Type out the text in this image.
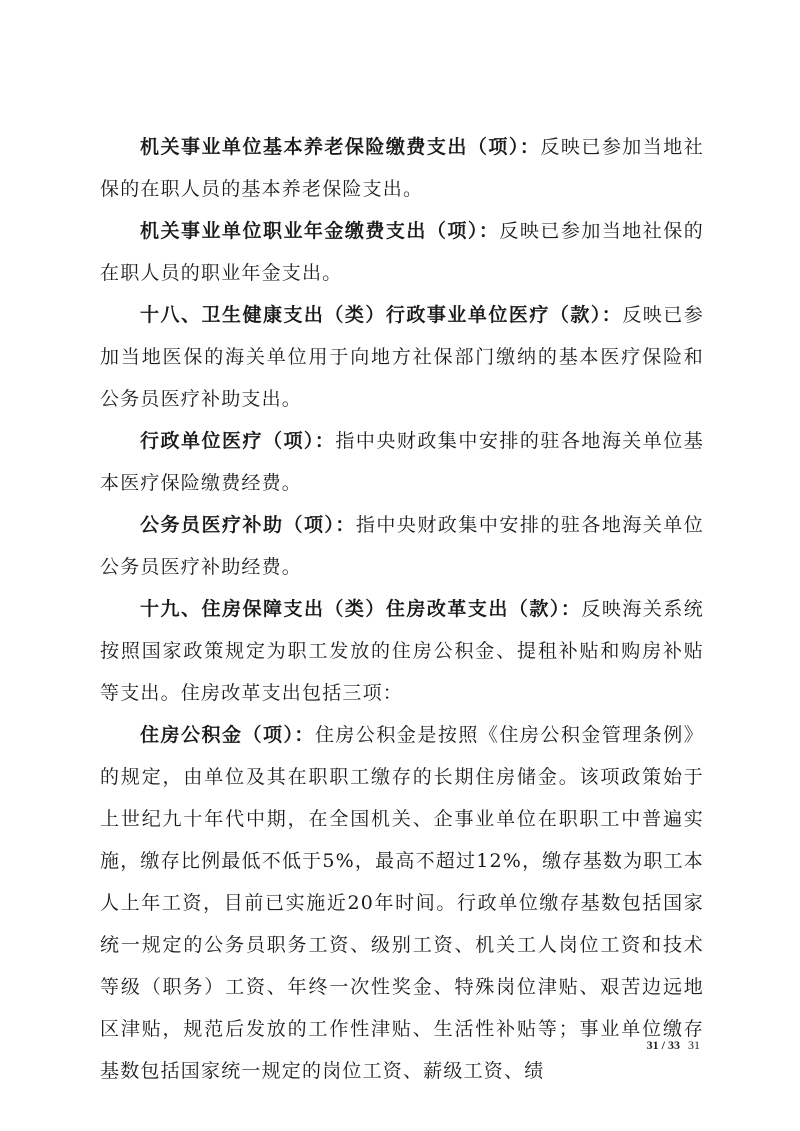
机关事业单位基本养老保险缴费支出（项）：反映已参加当地社保的在职人员的基本养老保险支出。

机关事业单位职业年金缴费支出（项）：反映已参加当地社保的在职人员的职业年金支出。

十八、卫生健康支出（类）行政事业单位医疗（款）：反映已参加当地医保的海关单位用于向地方社保部门缴纳的基本医疗保险和公务员医疗补助支出。

行政单位医疗（项）：指中央财政集中安排的驻各地海关单位基本医疗保险缴费经费。

公务员医疗补助（项）：指中央财政集中安排的驻各地海关单位公务员医疗补助经费。

十九、住房保障支出（类）住房改革支出（款）：反映海关系统按照国家政策规定为职工发放的住房公积金、提租补贴和购房补贴等支出。住房改革支出包括三项：

住房公积金（项）：住房公积金是按照《住房公积金管理条例》的规定，由单位及其在职职工缴存的长期住房储金。该项政策始于上世纪九十年代中期，在全国机关、企事业单位在职职工中普遍实施，缴存比例最低不低于5%，最高不超过12%，缴存基数为职工本人上年工资，目前已实施近20年时间。行政单位缴存基数包括国家统一规定的公务员职务工资、级别工资、机关工人岗位工资和技术等级（职务）工资、年终一次性奖金、特殊岗位津贴、艰苦边远地区津贴，规范后发放的工作性津贴、生活性补贴等；事业单位缴存基数包括国家统一规定的岗位工资、薪级工资、绩

31 / 33 31
